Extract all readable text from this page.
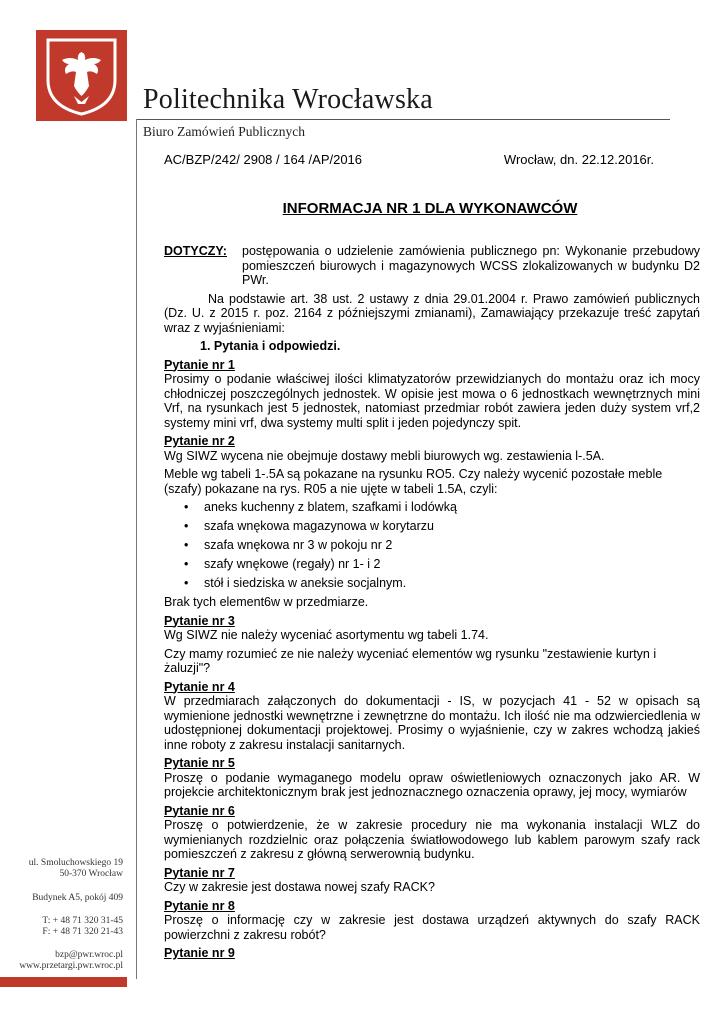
Politechnika Wrocławska
Biuro Zamówień Publicznych
AC/BZP/242/ 2908 / 164 /AP/2016	Wrocław, dn. 22.12.2016r.
INFORMACJA NR 1 DLA WYKONAWCÓW
DOTYCZY:	postępowania o udzielenie zamówienia publicznego pn: Wykonanie przebudowy pomieszczeń biurowych i magazynowych WCSS zlokalizowanych w budynku D2 PWr.

Na podstawie art. 38 ust. 2 ustawy z dnia 29.01.2004 r. Prawo zamówień publicznych (Dz. U. z 2015 r. poz. 2164 z późniejszymi zmianami), Zamawiający przekazuje treść zapytań wraz z wyjaśnieniami:

1. Pytania i odpowiedzi.
Pytanie nr 1

Prosimy o podanie właściwej ilości klimatyzatorów przewidzianych do montażu oraz ich mocy chłodniczej poszczególnych jednostek. W opisie jest mowa o 6 jednostkach wewnętrznych mini Vrf, na rysunkach jest 5 jednostek, natomiast przedmiar robót zawiera jeden duży system vrf,2 systemy mini vrf, dwa systemy multi split i jeden pojedynczy spit.

Pytanie nr 2

Wg SIWZ wycena nie obejmuje dostawy mebli biurowych wg. zestawienia l-.5A.

Meble wg tabeli 1-.5A są pokazane na rysunku RO5. Czy należy wycenić pozostałe meble (szafy) pokazane na rys. R05 a nie ujęte w tabeli 1.5A, czyli:

• aneks kuchenny z blatem, szafkami i lodówką
• szafa wnękowa magazynowa w korytarzu
• szafa wnękowa nr 3 w pokoju nr 2
• szafy wnękowe (regały) nr 1- i 2
• stół i siedziska w aneksie socjalnym.

Brak tych element6w w przedmiarze.

Pytanie nr 3

Wg SIWZ nie należy wyceniać asortymentu wg tabeli 1.74.

Czy mamy rozumieć ze nie należy wyceniać elementów wg rysunku "zestawienie kurtyn i żaluzji"?

Pytanie nr 4

W przedmiarach załączonych do dokumentacji - IS, w pozycjach 41 - 52 w opisach są wymienione jednostki wewnętrzne i zewnętrzne do montażu. Ich ilość nie ma odzwierciedlenia w udostępnionej dokumentacji projektowej. Prosimy o wyjaśnienie, czy w zakres wchodzą jakieś inne roboty z zakresu instalacji sanitarnych.

Pytanie nr 5

Proszę o podanie wymaganego modelu opraw oświetleniowych oznaczonych jako AR. W projekcie architektonicznym brak jest jednoznacznego oznaczenia oprawy, jej mocy, wymiarów

Pytanie nr 6

Proszę o potwierdzenie, że w zakresie procedury nie ma wykonania instalacji WLZ do wymienianych rozdzielnic oraz połączenia światłowodowego lub kablem parowym szafy rack pomieszczeń z zakresu z główną serwerownią budynku.

Pytanie nr 7

Czy w zakresie jest dostawa nowej szafy RACK?

Pytanie nr 8

Proszę o informację czy w zakresie jest dostawa urządzeń aktywnych do szafy RACK powierzchni z zakresu robót?

Pytanie nr 9
ul. Smoluchowskiego 19
50-370 Wrocław
Budynek A5, pokój 409
T: + 48 71 320 31-45
F: + 48 71 320 21-43
bzp@pwr.wroc.pl
www.przetargi.pwr.wroc.pl
